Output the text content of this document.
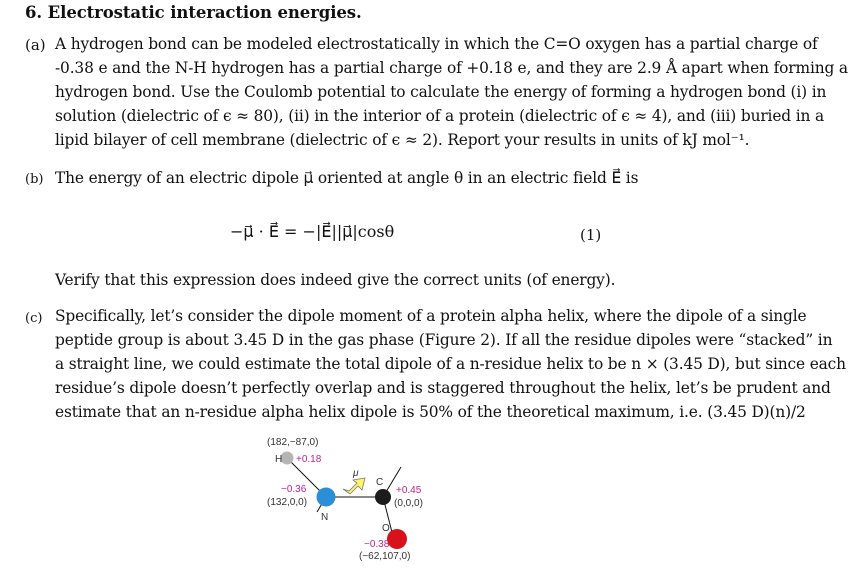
6. Electrostatic interaction energies.
(a) A hydrogen bond can be modeled electrostatically in which the C=O oxygen has a partial charge of
-0.38 e and the N-H hydrogen has a partial charge of +0.18 e, and they are 2.9 Å apart when forming a
hydrogen bond. Use the Coulomb potential to calculate the energy of forming a hydrogen bond (i) in
solution (dielectric of ϵ ≈ 80), (ii) in the interior of a protein (dielectric of ϵ ≈ 4), and (iii) buried in a
lipid bilayer of cell membrane (dielectric of ϵ ≈ 2). Report your results in units of kJ mol⁻¹.
(b) The energy of an electric dipole μ⃗ oriented at angle θ in an electric field E⃗ is
−μ⃗ · E⃗ = −|E⃗||μ⃗|cosθ	(1)
Verify that this expression does indeed give the correct units (of energy).
(c) Specifically, let’s consider the dipole moment of a protein alpha helix, where the dipole of a single
peptide group is about 3.45 D in the gas phase (Figure 2). If all the residue dipoles were “stacked” in
a straight line, we could estimate the total dipole of a n-residue helix to be n × (3.45 D), but since each
residue’s dipole doesn’t perfectly overlap and is staggered throughout the helix, let’s be prudent and
estimate that an n-residue alpha helix dipole is 50% of the theoretical maximum, i.e. (3.45 D)(n)/2
(182,−87,0)
H +0.18
μ
C
−0.36
(132,0,0)
N
+0.45
(0,0,0)
O
−0.38
(−62,107,0)
